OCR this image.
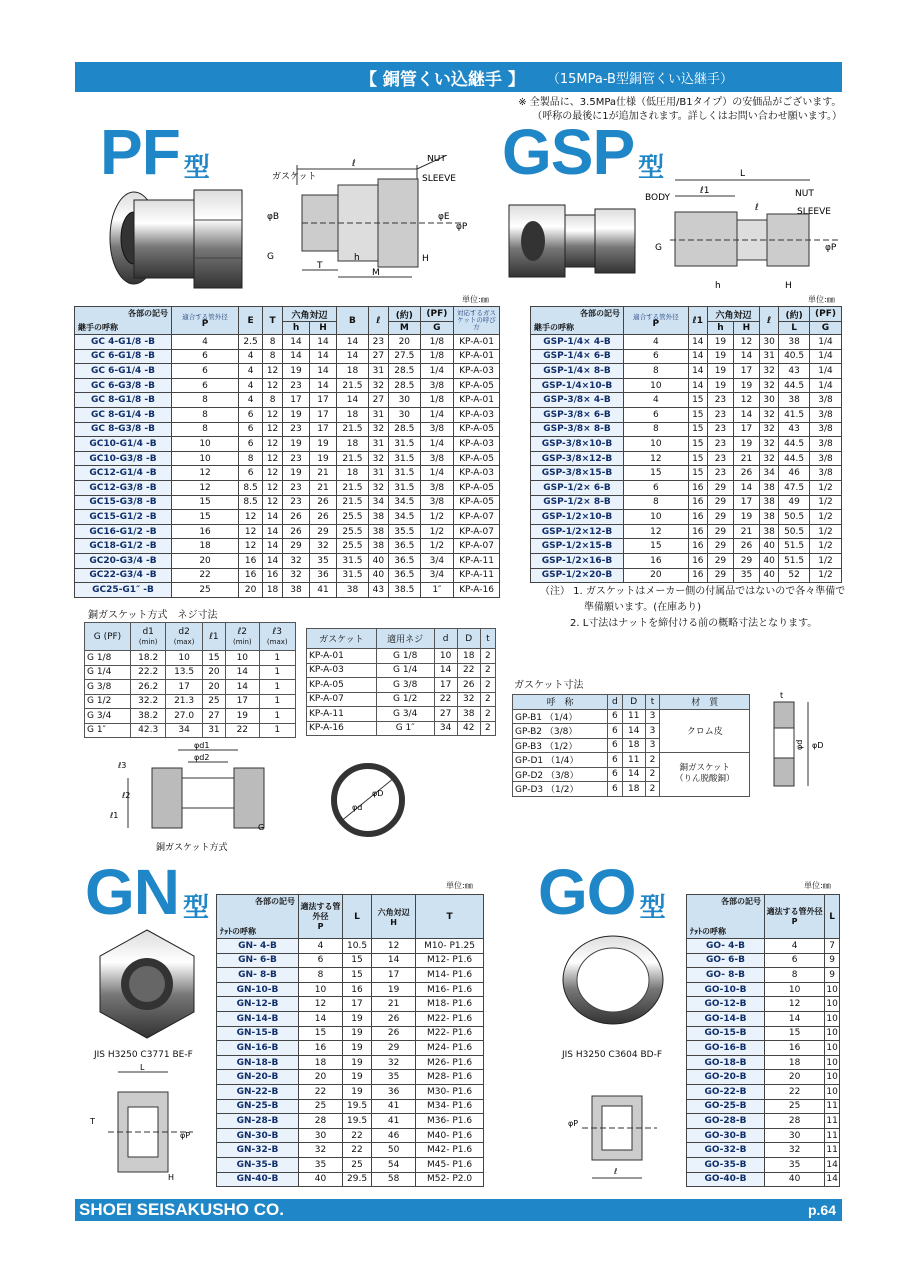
【 銅管くい込継手 】 （15MPa-B型銅管くい込継手）
※ 全製品に、3.5MPa仕様（低圧用/B1タイプ）の安価品がございます。
（呼称の最後に1が追加されます。詳しくはお問い合わせ願います。）
PF 型	ℓ
ガスケット
NUT
SLEEVE
φB	φE
φP
G
T
h
M
H
GSP 型	L
ℓ1
ℓ
BODY	NUT
SLEEVE
G	φP
h	H
単位:㎜	単位:㎜
各部の記号
継手の呼称	適合する管外径
P	E	T	六角対辺		B	ℓ	(約)	(PF)	対応するガスケットの呼び方
				h	H			M	G	
GC 4-G1/8 -B	4	2.5	8	14	14	14	23	20	1/8	KP-A-01
GC 6-G1/8 -B	6	4	8	14	14	14	27	27.5	1/8	KP-A-01
GC 6-G1/4 -B	6	4	12	19	14	18	31	28.5	1/4	KP-A-03
GC 6-G3/8 -B	6	4	12	23	14	21.5	32	28.5	3/8	KP-A-05
GC 8-G1/8 -B	8	4	8	17	17	14	27	30	1/8	KP-A-01
GC 8-G1/4 -B	8	6	12	19	17	18	31	30	1/4	KP-A-03
GC 8-G3/8 -B	8	6	12	23	17	21.5	32	28.5	3/8	KP-A-05
GC10-G1/4 -B	10	6	12	19	19	18	31	31.5	1/4	KP-A-03
GC10-G3/8 -B	10	8	12	23	19	21.5	32	31.5	3/8	KP-A-05
GC12-G1/4 -B	12	6	12	19	21	18	31	31.5	1/4	KP-A-03
GC12-G3/8 -B	12	8.5	12	23	21	21.5	32	31.5	3/8	KP-A-05
GC15-G3/8 -B	15	8.5	12	23	26	21.5	34	34.5	3/8	KP-A-05
GC15-G1/2 -B	15	12	14	26	26	25.5	38	34.5	1/2	KP-A-07
GC16-G1/2 -B	16	12	14	26	29	25.5	38	35.5	1/2	KP-A-07
GC18-G1/2 -B	18	12	14	29	32	25.5	38	36.5	1/2	KP-A-07
GC20-G3/4 -B	20	16	14	32	35	31.5	40	36.5	3/4	KP-A-11
GC22-G3/4 -B	22	16	16	32	36	31.5	40	36.5	3/4	KP-A-11
GC25-G1″ -B	25	20	18	38	41	38	43	38.5	1″	KP-A-16
各部の記号
継手の呼称	適合する管外径
P	ℓ1	六角対辺		ℓ	(約)	(PF)
			h	H		L	G
GSP-1/4× 4-B	4	14	19	12	30	38	1/4
GSP-1/4× 6-B	6	14	19	14	31	40.5	1/4
GSP-1/4× 8-B	8	14	19	17	32	43	1/4
GSP-1/4×10-B	10	14	19	19	32	44.5	1/4
GSP-3/8× 4-B	4	15	23	12	30	38	3/8
GSP-3/8× 6-B	6	15	23	14	32	41.5	3/8
GSP-3/8× 8-B	8	15	23	17	32	43	3/8
GSP-3/8×10-B	10	15	23	19	32	44.5	3/8
GSP-3/8×12-B	12	15	23	21	32	44.5	3/8
GSP-3/8×15-B	15	15	23	26	34	46	3/8
GSP-1/2× 6-B	6	16	29	14	38	47.5	1/2
GSP-1/2× 8-B	8	16	29	17	38	49	1/2
GSP-1/2×10-B	10	16	29	19	38	50.5	1/2
GSP-1/2×12-B	12	16	29	21	38	50.5	1/2
GSP-1/2×15-B	15	16	29	26	40	51.5	1/2
GSP-1/2×16-B	16	16	29	29	40	51.5	1/2
GSP-1/2×20-B	20	16	29	35	40	52	1/2
（注） 1. ガスケットはメーカー側の付属品ではないので各々準備で
準備願います。(在庫あり)
2. L寸法はナットを締付ける前の概略寸法となります。
銅ガスケット方式　ネジ寸法
G (PF)	d1
(min)	d2
(max)	ℓ1	ℓ2
(min)	ℓ3
(max)
G 1/8	18.2	10	15	10	1
G 1/4	22.2	13.5	20	14	1
G 3/8	26.2	17	20	14	1
G 1/2	32.2	21.3	25	17	1
G 3/4	38.2	27.0	27	19	1
G 1″	42.3	34	31	22	1
ガスケット	適用ネジ	d	D	t
KP-A-01	G 1/8	10	18	2
KP-A-03	G 1/4	14	22	2
KP-A-05	G 3/8	17	26	2
KP-A-07	G 1/2	22	32	2
KP-A-11	G 3/4	27	38	2
KP-A-16	G 1″	34	42	2
φd1
φd2
ℓ2
ℓ1
ℓ3
G
銅ガスケット方式
φd
φD
ガスケット寸法
呼　称	d	D	t	材　質
GP-B1 （1/4）	6	11	3	クロム皮
GP-B2 （3/8）	6	14	3	
GP-B3 （1/2）	6	18	3	
GP-D1 （1/4）	6	11	2	銅ガスケット
（りん脱酸銅）
GP-D2 （3/8）	6	14	2	
GP-D3 （1/2）	6	18	2	
t
φd φD
GN 型
JIS H3250 C3771 BE-F
L
T
φP
H
単位:㎜
各部の記号
ﾅｯﾄの呼称	適法する管外径
P	L	六角対辺
H	T
GN- 4-B	4	10.5	12	M10- P1.25
GN- 6-B	6	15	14	M12- P1.6
GN- 8-B	8	15	17	M14- P1.6
GN-10-B	10	16	19	M16- P1.6
GN-12-B	12	17	21	M18- P1.6
GN-14-B	14	19	26	M22- P1.6
GN-15-B	15	19	26	M22- P1.6
GN-16-B	16	19	29	M24- P1.6
GN-18-B	18	19	32	M26- P1.6
GN-20-B	20	19	35	M28- P1.6
GN-22-B	22	19	36	M30- P1.6
GN-25-B	25	19.5	41	M34- P1.6
GN-28-B	28	19.5	41	M36- P1.6
GN-30-B	30	22	46	M40- P1.6
GN-32-B	32	22	50	M42- P1.6
GN-35-B	35	25	54	M45- P1.6
GN-40-B	40	29.5	58	M52- P2.0
GO 型
JIS H3250 C3604 BD-F
φP
ℓ
単位:㎜
各部の記号
ﾅｯﾄの呼称	適法する管外径
P	L
GO- 4-B	4	7
GO- 6-B	6	9
GO- 8-B	8	9
GO-10-B	10	10
GO-12-B	12	10
GO-14-B	14	10
GO-15-B	15	10
GO-16-B	16	10
GO-18-B	18	10
GO-20-B	20	10
GO-22-B	22	10
GO-25-B	25	11
GO-28-B	28	11
GO-30-B	30	11
GO-32-B	32	11
GO-35-B	35	14
GO-40-B	40	14
SHOEI SEISAKUSHO CO.	p.64
